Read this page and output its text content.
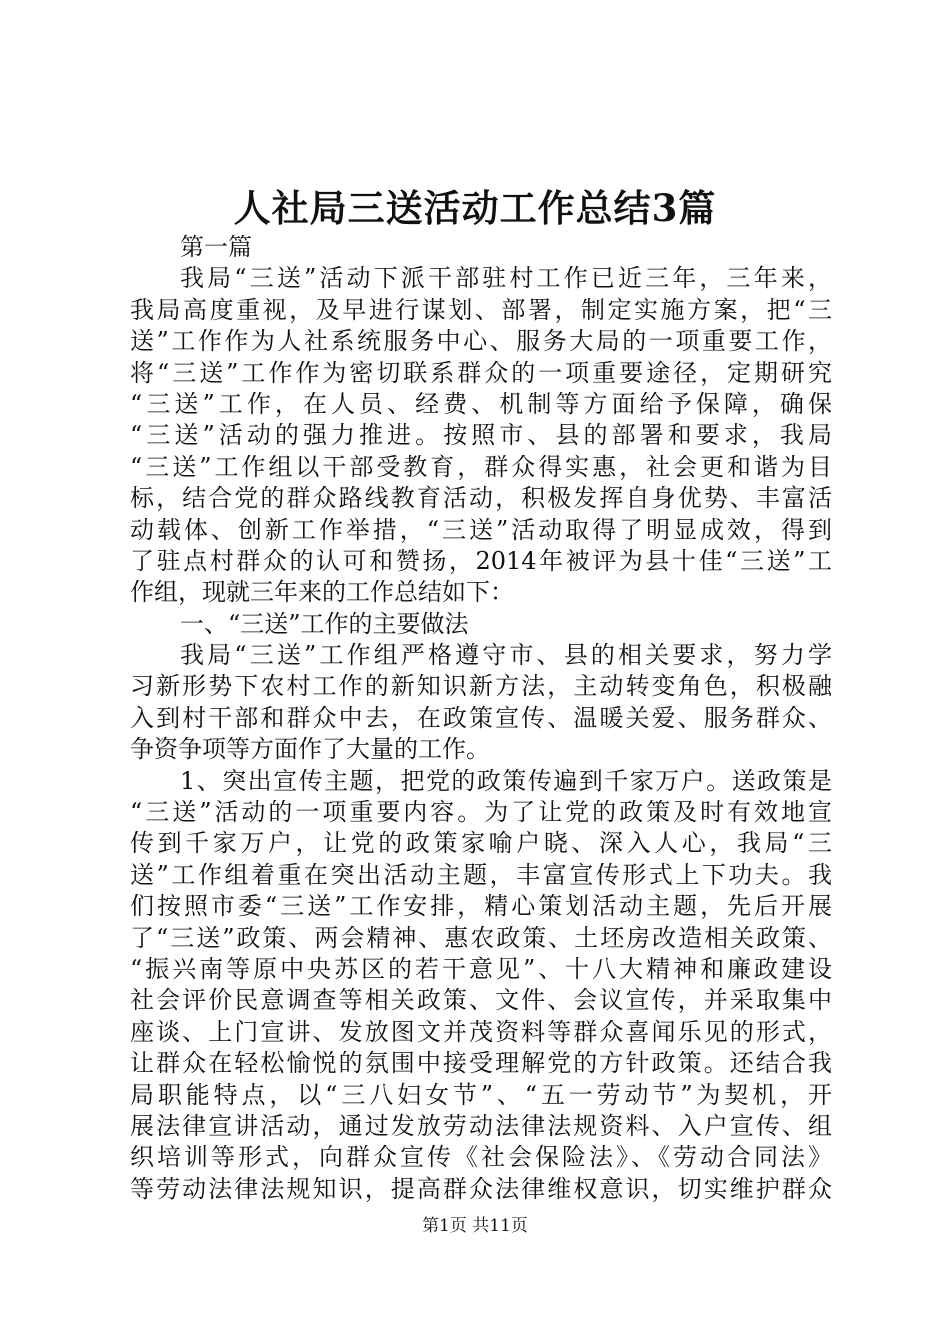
人社局三送活动工作总结3篇
第一篇
我局“三送”活动下派干部驻村工作已近三年，三年来，
我局高度重视，及早进行谋划、部署，制定实施方案，把“三
送”工作作为人社系统服务中心、服务大局的一项重要工作，
将“三送”工作作为密切联系群众的一项重要途径，定期研究
“三送”工作，在人员、经费、机制等方面给予保障，确保
“三送”活动的强力推进。按照市、县的部署和要求，我局
“三送”工作组以干部受教育，群众得实惠，社会更和谐为目
标，结合党的群众路线教育活动，积极发挥自身优势、丰富活
动载体、创新工作举措，“三送”活动取得了明显成效，得到
了驻点村群众的认可和赞扬，2014年被评为县十佳“三送”工
作组，现就三年来的工作总结如下：
一、“三送”工作的主要做法
我局“三送”工作组严格遵守市、县的相关要求，努力学
习新形势下农村工作的新知识新方法，主动转变角色，积极融
入到村干部和群众中去，在政策宣传、温暖关爱、服务群众、
争资争项等方面作了大量的工作。
1、突出宣传主题，把党的政策传遍到千家万户。送政策是
“三送”活动的一项重要内容。为了让党的政策及时有效地宣
传到千家万户，让党的政策家喻户晓、深入人心，我局“三
送”工作组着重在突出活动主题，丰富宣传形式上下功夫。我
们按照市委“三送”工作安排，精心策划活动主题，先后开展
了“三送”政策、两会精神、惠农政策、土坯房改造相关政策、
“振兴南等原中央苏区的若干意见”、十八大精神和廉政建设
社会评价民意调查等相关政策、文件、会议宣传，并采取集中
座谈、上门宣讲、发放图文并茂资料等群众喜闻乐见的形式，
让群众在轻松愉悦的氛围中接受理解党的方针政策。还结合我
局职能特点，以“三八妇女节”、“五一劳动节”为契机，开
展法律宣讲活动，通过发放劳动法律法规资料、入户宣传、组
织培训等形式，向群众宣传《社会保险法》、《劳动合同法》
等劳动法律法规知识，提高群众法律维权意识，切实维护群众
第1页 共11页
